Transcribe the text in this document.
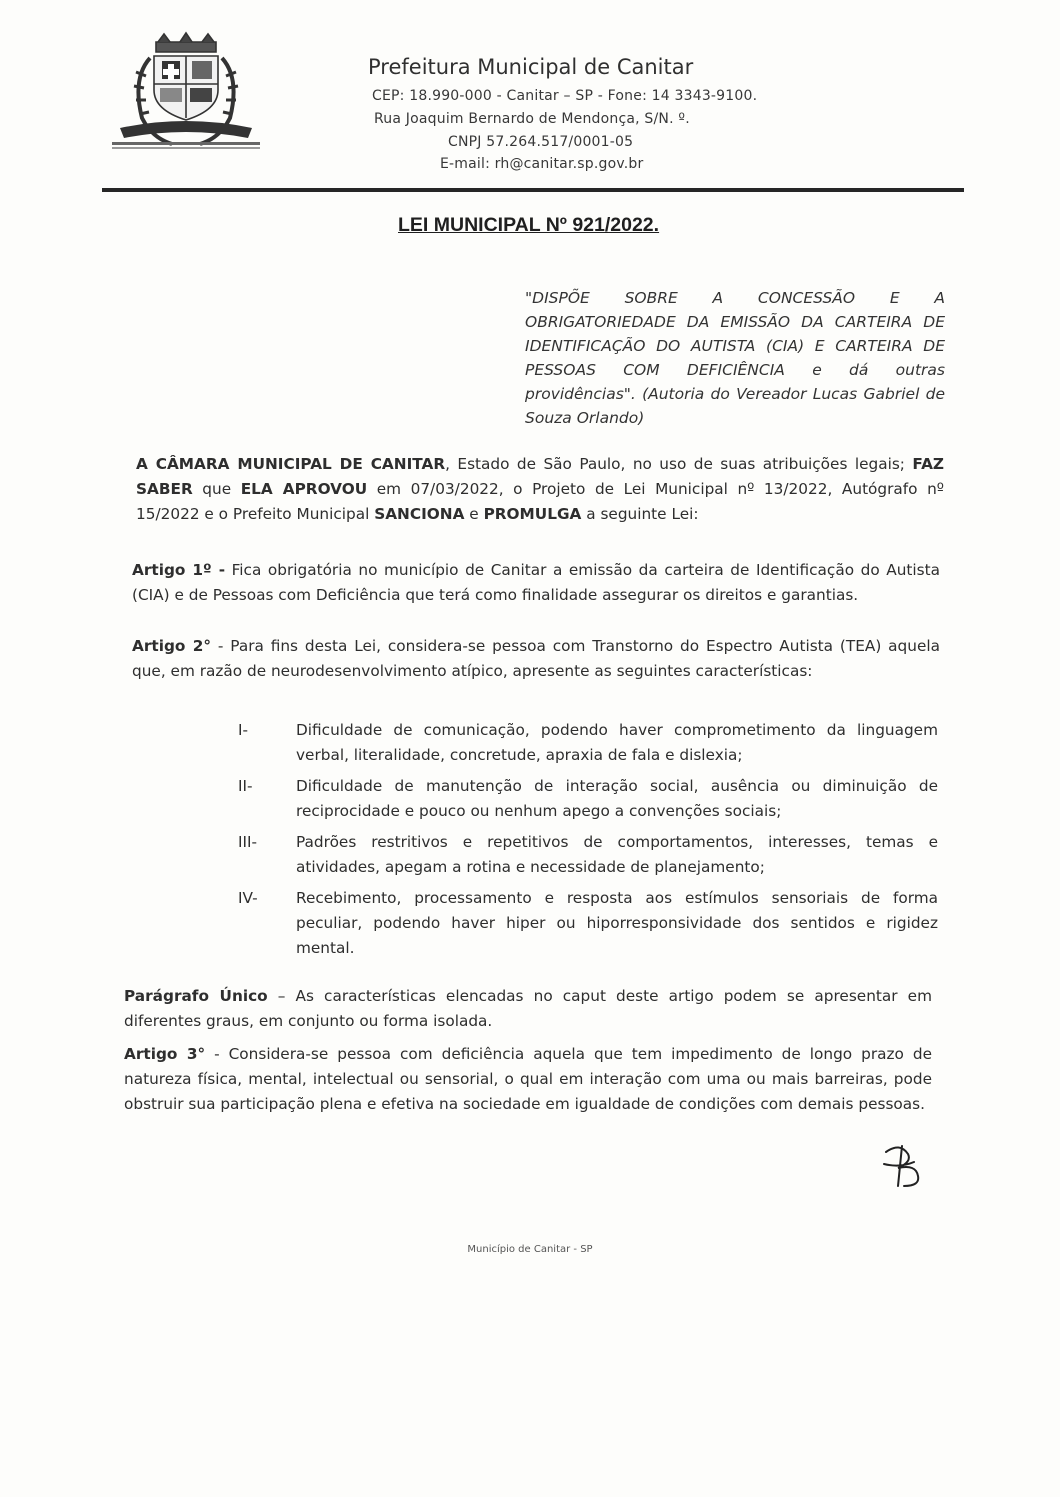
Prefeitura Municipal de Canitar
CEP: 18.990-000 - Canitar – SP - Fone: 14 3343-9100.
Rua Joaquim Bernardo de Mendonça, S/N. º.
CNPJ 57.264.517/0001-05
E-mail: rh@canitar.sp.gov.br
LEI MUNICIPAL Nº 921/2022.
"DISPÕE SOBRE A CONCESSÃO E A OBRIGATORIEDADE DA EMISSÃO DA CARTEIRA DE IDENTIFICAÇÃO DO AUTISTA (CIA) E CARTEIRA DE PESSOAS COM DEFICIÊNCIA e dá outras providências". (Autoria do Vereador Lucas Gabriel de Souza Orlando)
A CÂMARA MUNICIPAL DE CANITAR, Estado de São Paulo, no uso de suas atribuições legais; FAZ SABER que ELA APROVOU em 07/03/2022, o Projeto de Lei Municipal nº 13/2022, Autógrafo nº 15/2022 e o Prefeito Municipal SANCIONA e PROMULGA a seguinte Lei:
Artigo 1º - Fica obrigatória no município de Canitar a emissão da carteira de Identificação do Autista (CIA) e de Pessoas com Deficiência que terá como finalidade assegurar os direitos e garantias.
Artigo 2° - Para fins desta Lei, considera-se pessoa com Transtorno do Espectro Autista (TEA) aquela que, em razão de neurodesenvolvimento atípico, apresente as seguintes características:
I-	Dificuldade de comunicação, podendo haver comprometimento da linguagem verbal, literalidade, concretude, apraxia de fala e dislexia;
II-	Dificuldade de manutenção de interação social, ausência ou diminuição de reciprocidade e pouco ou nenhum apego a convenções sociais;
III-	Padrões restritivos e repetitivos de comportamentos, interesses, temas e atividades, apegam a rotina e necessidade de planejamento;
IV-	Recebimento, processamento e resposta aos estímulos sensoriais de forma peculiar, podendo haver hiper ou hiporresponsividade dos sentidos e rigidez mental.
Parágrafo Único – As características elencadas no caput deste artigo podem se apresentar em diferentes graus, em conjunto ou forma isolada.
Artigo 3° - Considera-se pessoa com deficiência aquela que tem impedimento de longo prazo de natureza física, mental, intelectual ou sensorial, o qual em interação com uma ou mais barreiras, pode obstruir sua participação plena e efetiva na sociedade em igualdade de condições com demais pessoas.
Município de Canitar - SP
